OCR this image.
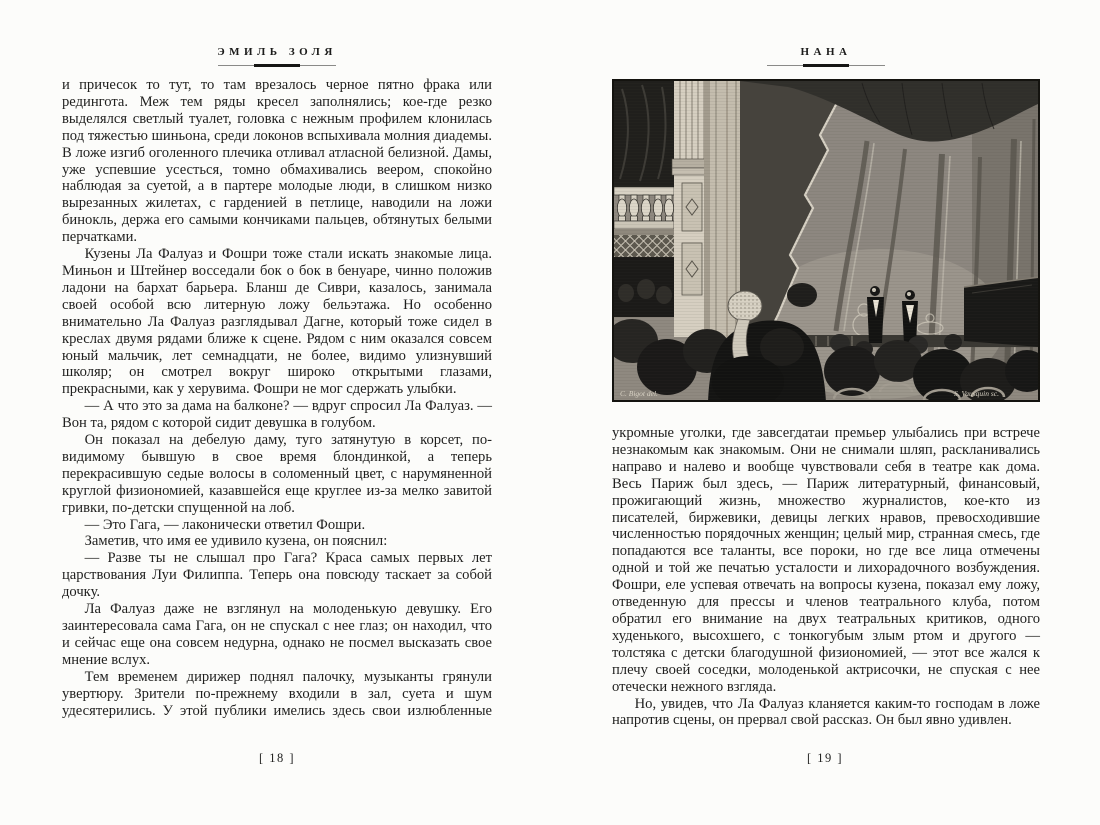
ЭМИЛЬ ЗОЛЯ

и причесок то тут, то там врезалось черное пятно фрака или редингота. Меж тем ряды кресел заполнялись; кое-где резко выделялся светлый туалет, головка с нежным профилем клонилась под тяжестью шиньона, среди локонов вспыхивала молния диадемы. В ложе изгиб оголенного плечика отливал атласной белизной. Дамы, уже успевшие усесться, томно обмахивались веером, спокойно наблюдая за суетой, а в партере молодые люди, в слишком низко вырезанных жилетах, с гарденией в петлице, наводили на ложи бинокль, держа его самыми кончиками пальцев, обтянутых белыми перчатками.

Кузены Ла Фалуаз и Фошри тоже стали искать знакомые лица. Миньон и Штейнер восседали бок о бок в бенуаре, чинно положив ладони на бархат барьера. Бланш де Сиври, казалось, занимала своей особой всю литерную ложу бельэтажа. Но особенно внимательно Ла Фалуаз разглядывал Дагне, который тоже сидел в креслах двумя рядами ближе к сцене. Рядом с ним оказался совсем юный мальчик, лет семнадцати, не более, видимо улизнувший школяр; он смотрел вокруг широко открытыми глазами, прекрасными, как у херувима. Фошри не мог сдержать улыбки.

— А что это за дама на балконе? — вдруг спросил Ла Фалуаз. — Вон та, рядом с которой сидит девушка в голубом.

Он показал на дебелую даму, туго затянутую в корсет, по-видимому бывшую в свое время блондинкой, а теперь перекрасившую седые волосы в соломенный цвет, с нарумяненной круглой физиономией, казавшейся еще круглее из-за мелко завитой гривки, по-детски спущенной на лоб.

— Это Гага, — лаконически ответил Фошри.

Заметив, что имя ее удивило кузена, он пояснил:

— Разве ты не слышал про Гага? Краса самых первых лет царствования Луи Филиппа. Теперь она повсюду таскает за собой дочку.

Ла Фалуаз даже не взглянул на молоденькую девушку. Его заинтересовала сама Гага, он не спускал с нее глаз; он находил, что и сейчас еще она совсем недурна, однако не посмел высказать свое мнение вслух.

Тем временем дирижер поднял палочку, музыканты грянули увертюру. Зрители по-прежнему входили в зал, суета и шум удесятерились. У этой публики имелись здесь свои излюбленные

[ 18 ]
НАНА
C. Bigot del.	S. Vausquin sc.

укромные уголки, где завсегдатаи премьер улыбались при встрече незнакомым как знакомым. Они не снимали шляп, раскланивались направо и налево и вообще чувствовали себя в театре как дома. Весь Париж был здесь, — Париж литературный, финансовый, прожигающий жизнь, множество журналистов, кое-кто из писателей, биржевики, девицы легких нравов, превосходившие численностью порядочных женщин; целый мир, странная смесь, где попадаются все таланты, все пороки, но где все лица отмечены одной и той же печатью усталости и лихорадочного возбуждения. Фошри, еле успевая отвечать на вопросы кузена, показал ему ложу, отведенную для прессы и членов театрального клуба, потом обратил его внимание на двух театральных критиков, одного худенького, высохшего, с тонкогубым злым ртом и другого — толстяка с детски благодушной физиономией, — этот все жался к плечу своей соседки, молоденькой актрисочки, не спуская с нее отечески нежного взгляда.

Но, увидев, что Ла Фалуаз кланяется каким-то господам в ложе напротив сцены, он прервал свой рассказ. Он был явно удивлен.

[ 19 ]
